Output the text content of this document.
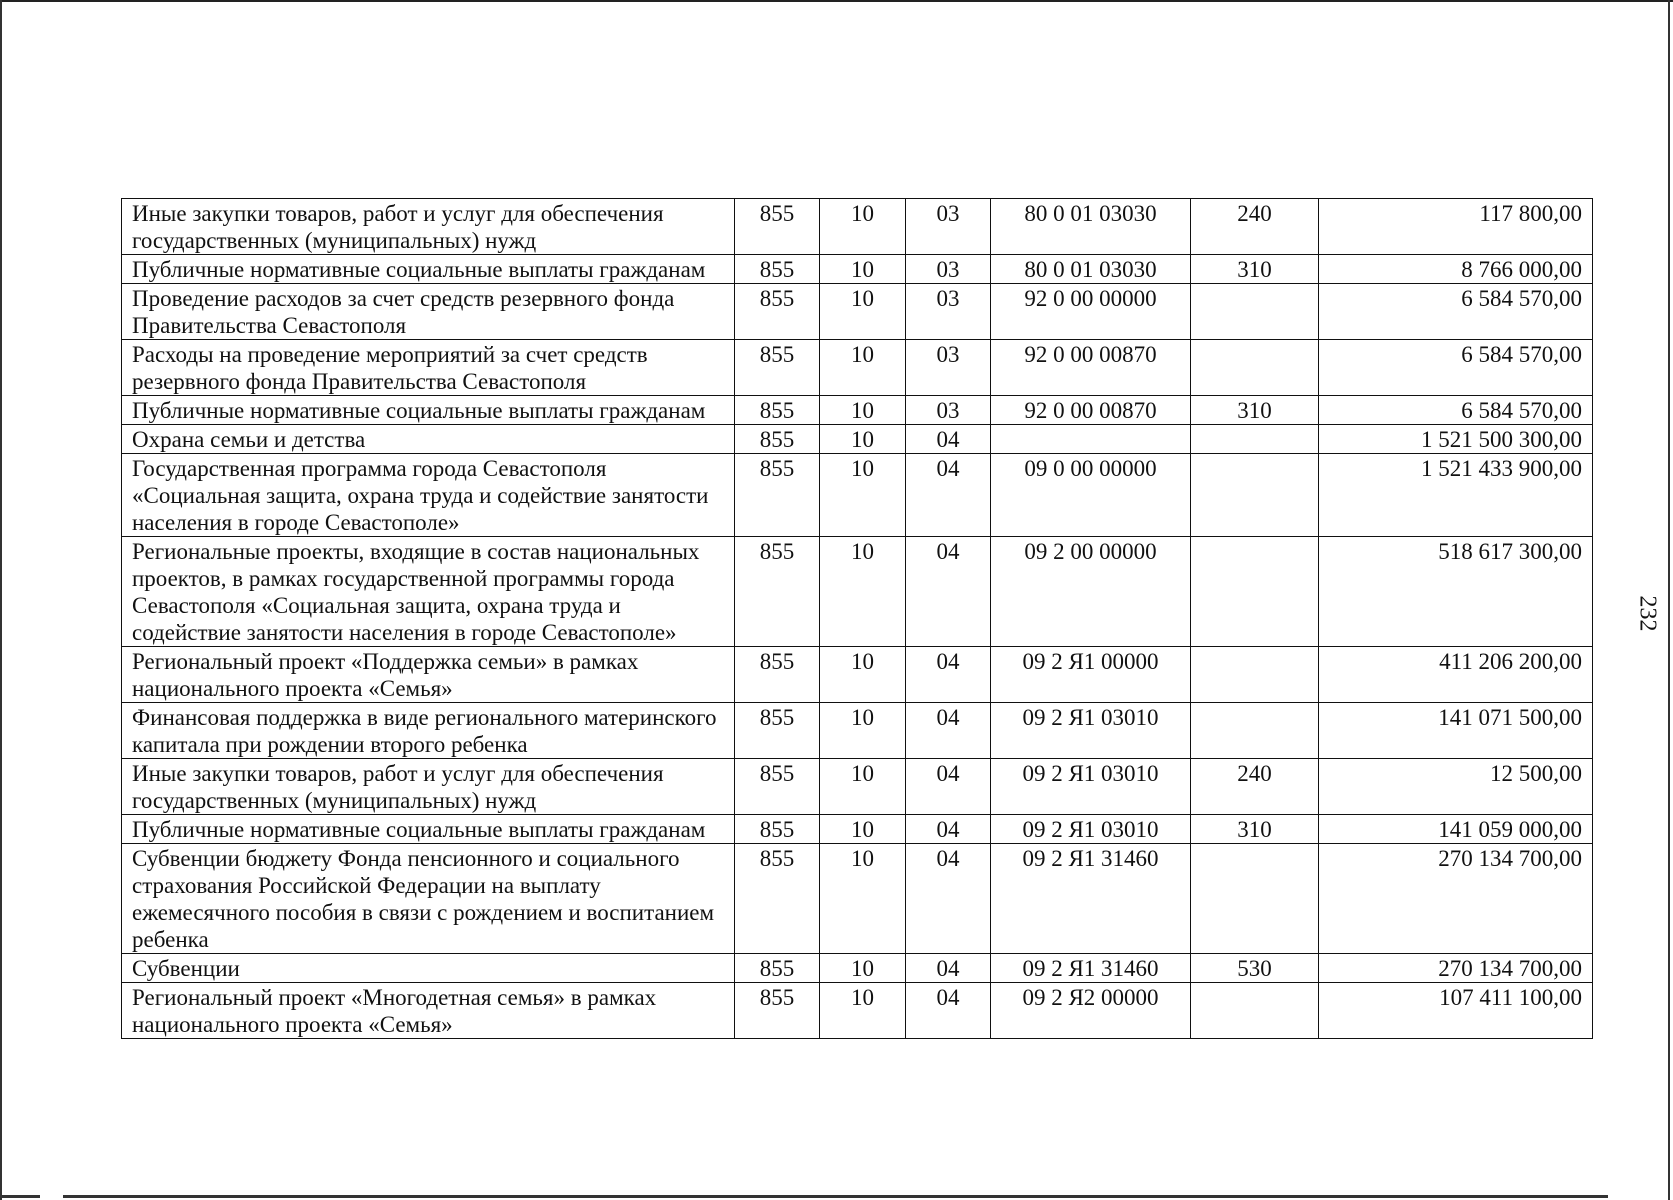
232
Иные закупки товаров, работ и услуг для обеспечения государственных (муниципальных) нужд	855	10	03	80 0 01 03030	240	117 800,00
Публичные нормативные социальные выплаты гражданам	855	10	03	80 0 01 03030	310	8 766 000,00
Проведение расходов за счет средств резервного фонда Правительства Севастополя	855	10	03	92 0 00 00000		6 584 570,00
Расходы на проведение мероприятий за счет средств резервного фонда Правительства Севастополя	855	10	03	92 0 00 00870		6 584 570,00
Публичные нормативные социальные выплаты гражданам	855	10	03	92 0 00 00870	310	6 584 570,00
Охрана семьи и детства	855	10	04			1 521 500 300,00
Государственная программа города Севастополя «Социальная защита, охрана труда и содействие занятости населения в городе Севастополе»	855	10	04	09 0 00 00000		1 521 433 900,00
Региональные проекты, входящие в состав национальных проектов, в рамках государственной программы города Севастополя «Социальная защита, охрана труда и содействие занятости населения в городе Севастополе»	855	10	04	09 2 00 00000		518 617 300,00
Региональный проект «Поддержка семьи» в рамках национального проекта «Семья»	855	10	04	09 2 Я1 00000		411 206 200,00
Финансовая поддержка в виде регионального материнского капитала при рождении второго ребенка	855	10	04	09 2 Я1 03010		141 071 500,00
Иные закупки товаров, работ и услуг для обеспечения государственных (муниципальных) нужд	855	10	04	09 2 Я1 03010	240	12 500,00
Публичные нормативные социальные выплаты гражданам	855	10	04	09 2 Я1 03010	310	141 059 000,00
Субвенции бюджету Фонда пенсионного и социального страхования Российской Федерации на выплату ежемесячного пособия в связи с рождением и воспитанием ребенка	855	10	04	09 2 Я1 31460		270 134 700,00
Субвенции	855	10	04	09 2 Я1 31460	530	270 134 700,00
Региональный проект «Многодетная семья» в рамках национального проекта «Семья»	855	10	04	09 2 Я2 00000		107 411 100,00
